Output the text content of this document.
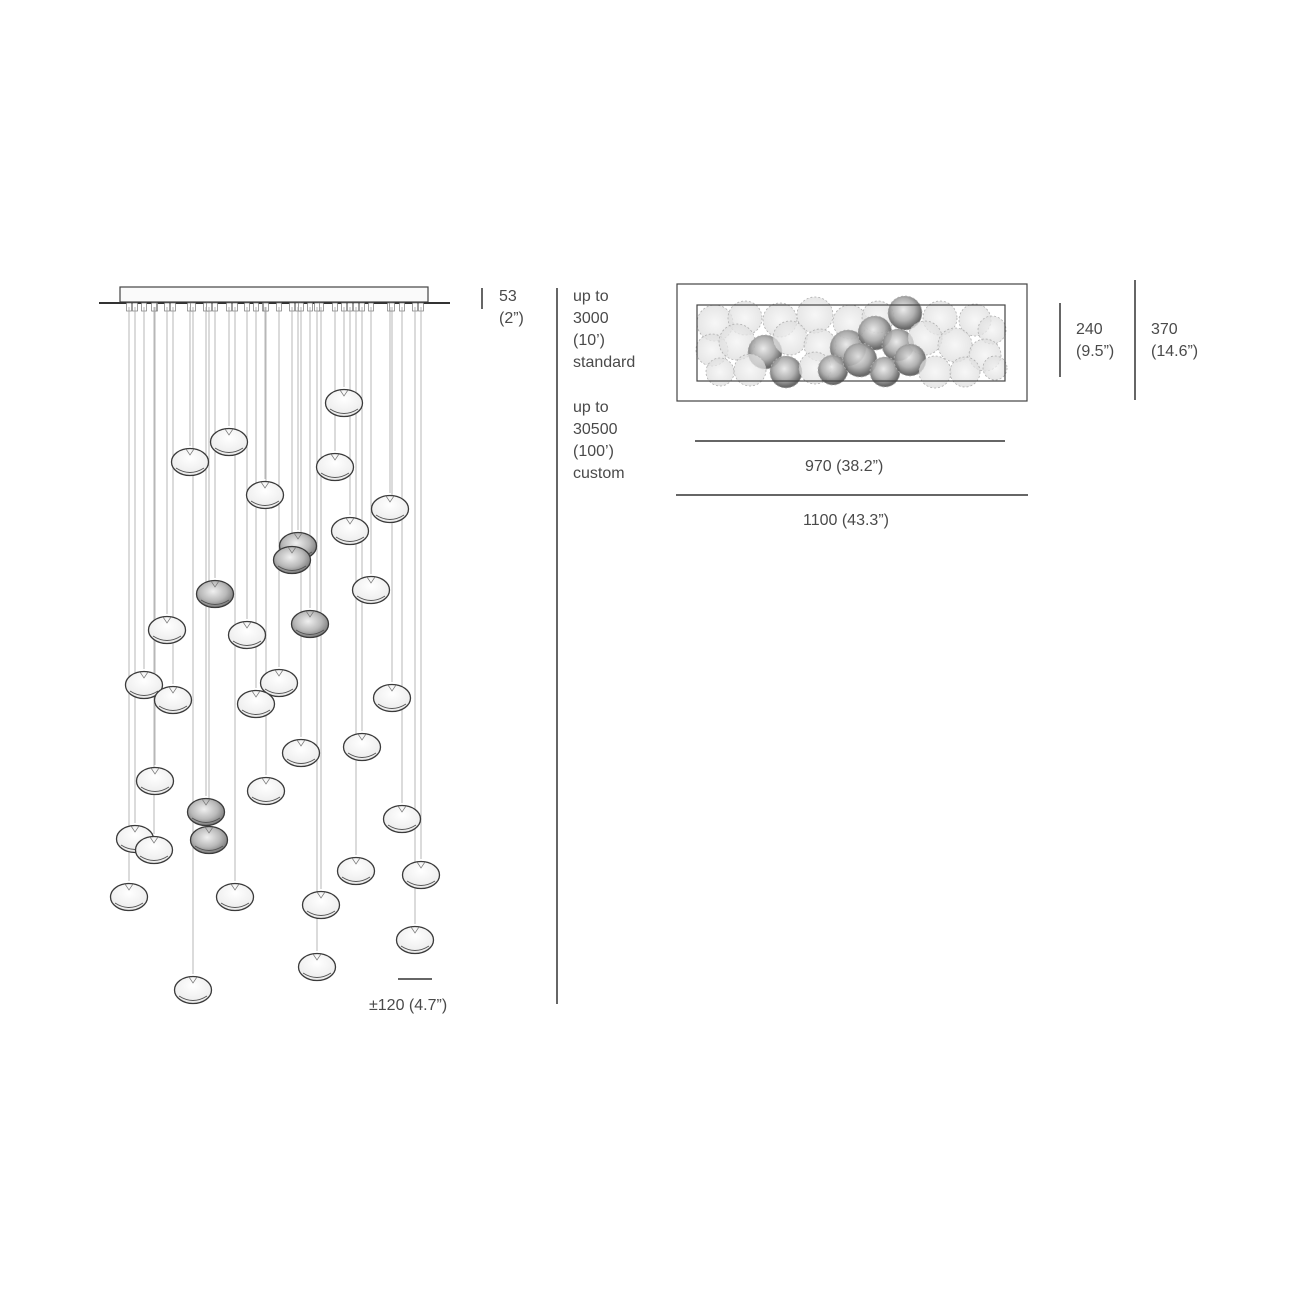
53
(2”)
up to
3000
(10’)
standard
up to
30500
(100’)
custom
±120 (4.7”)
240
(9.5”)
370
(14.6”)
970 (38.2”)
1100 (43.3”)
